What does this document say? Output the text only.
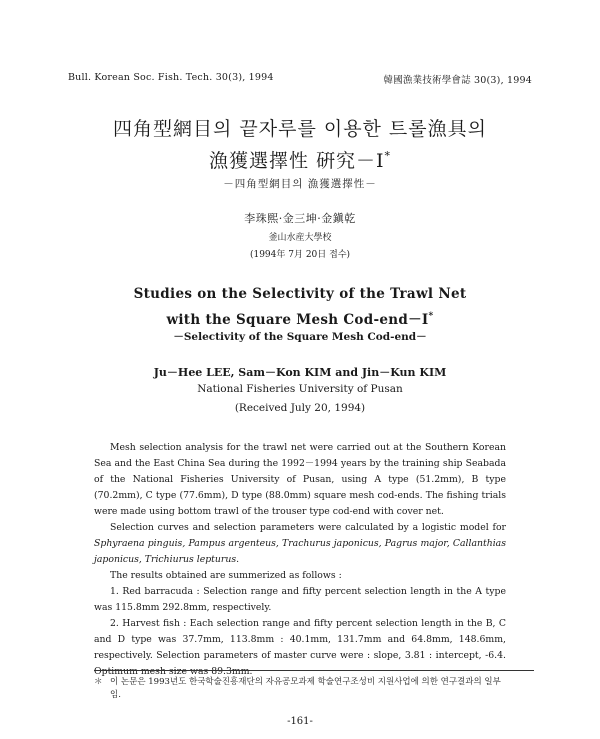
Bull. Korean Soc. Fish. Tech. 30(3), 1994	韓國漁業技術學會誌 30(3), 1994
四角型網目의 끝자루를 이용한 트롤漁具의
漁獲選擇性 硏究－Ⅰ*
－四角型網目의 漁獲選擇性－
李珠熙·金三坤·金鎭乾
釜山水産大學校
(1994年 7月 20日 접수)
Studies on the Selectivity of the Trawl Net
with the Square Mesh Cod-end－Ⅰ*
－Selectivity of the Square Mesh Cod-end－
Ju－Hee LEE, Sam－Kon KIM and Jin－Kun KIM
National Fisheries University of Pusan
(Received July 20, 1994)

Mesh selection analysis for the trawl net were carried out at the Southern Korean Sea and the East China Sea during the 1992－1994 years by the training ship Seabada of the National Fisheries University of Pusan, using A type (51.2mm), B type (70.2mm), C type (77.6mm), D type (88.0mm) square mesh cod-ends. The fishing trials were made using bottom trawl of the trouser type cod-end with cover net.

Selection curves and selection parameters were calculated by a logistic model for Sphyraena pinguis, Pampus argenteus, Trachurus japonicus, Pagrus major, Callanthias japonicus, Trichiurus lepturus.

The results obtained are summerized as follows :

1. Red barracuda : Selection range and fifty percent selection length in the A type was 115.8mm 292.8mm, respectively.

2. Harvest fish : Each selection range and fifty percent selection length in the B, C and D type was 37.7mm, 113.8mm : 40.1mm, 131.7mm and 64.8mm, 148.6mm, respectively. Selection parameters of master curve were : slope, 3.81 : intercept, -6.4. Optimum mesh size was 89.3mm.

＊ 이 논문은 1993년도 한국학술진흥재단의 자유공모과제 학술연구조성비 지원사업에 의한 연구결과의 일부임.
-161-
